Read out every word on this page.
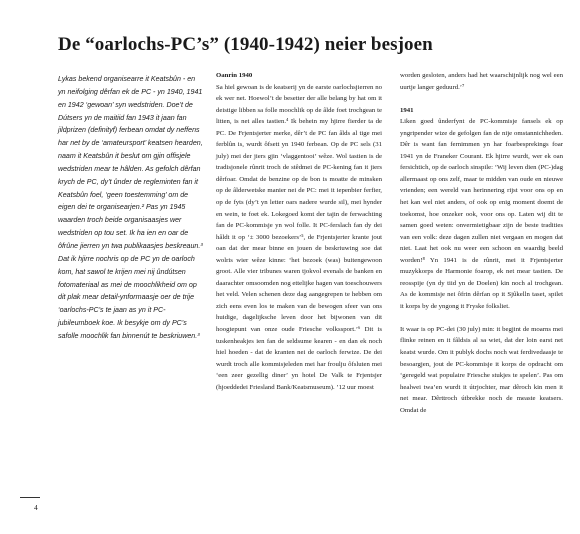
De “oarlochs-PC’s” (1940-1942) neier besjoen

Lykas bekend organisearre it Keatsbûn - en yn neifolging dêrfan ek de PC - yn 1940, 1941 en 1942 ‘gewoan’ syn wedstriden. Doe’t de Dútsers yn de maitiid fan 1943 it jaan fan jildprizen (definityf) ferbean omdat dy neffens har net by de ‘amateursport’ keatsen hearden, naam it Keatsbûn it beslut om gjin offisjele wedstriden mear te hâlden. As gefolch dêrfan krych de PC, dy’t ûnder de regleminten fan it Keatsbûn foel, ‘geen toestemming’ om de eigen dei te organisearjen.² Pas yn 1945 waarden troch beide organisaasjes wer wedstriden op tou set. Ik ha ien en oar de ôfrûne jierren yn twa publikaasjes beskreaun.³ Dat ik hjirre nochris op de PC yn de oarloch kom, hat sawol te krijen mei nij ûndútsen fotomateriaal as mei de moochlikheid om op dit plak mear detail-ynformaasje oer de trije ‘oarlochs-PC’s te jaan as yn it PC-jubileumboek koe. Ik besykje om dy PC’s safolle moochlik fan binnenút te beskriuwen.³

Oanrin 1940

Sa hiel gewoan is de keatserij yn de earste oarlochsjierren no ek wer net. Hoewol’t de besetter der alle belang by hat om it deistige libben sa folle moochlik op de âlde foet trochgean te litten, is net alles tastien.⁴ Ik behein my hjirre fierder ta de PC. De Frjentsjerter merke, dêr’t de PC fan âlds al tige mei ferblûn is, wurdt ôfsett yn 1940 ferbean. Op de PC sels (31 july) mei der jiers gjin ‘vlaggentooi’ wêze. Wol tastien is de tradisjonele rûnrit troch de stêdmei de PC-kening fan it jiers dêrfoar. Omdat de benzine op de bon is moatte de minsken op de âlderwetske manier nei de PC: mei it iepenbier ferfier, op de fyts (dy’t yn letter oars nadere wurde sil), mei hynder en wein, te foet ek. Lokegoed komt der tajin de ferwachting fan de PC-kommisje yn wol folle. It PC-ferslach fan dy dei hâldt it op ‘± 3000 bezoekers’⁵, de Frjentsjerter krante jout oan dat der mear binne en jouen de beskriuwing soe dat wolris wier wêze kinne: ‘het bezoek (was) buitengewoon groot. Alle vier tribunes waren tjokvol evenals de banken en daarachter omsoomden nog ettelijke hagen van toeschouwers het veld. Velen schenen deze dag aangegrepen te hebben om zich eens even los te maken van de bewogen sfeer van ons huidige, dagelijksche leven door het bijwonen van dit hoogtepunt van onze oude Friesche volkssport.’⁶ Dit is tuskenheakjes ien fan de seldsume kearen - en dan ek noch hiel hoeden - dat de kranten nei de oarloch ferwize. De dei wurdt troch alle kommisjeleden mei har froulju ôfsluten mei ‘een zeer gezellig diner’ yn hotel De Valk te Frjentsjer (hjoeddedei Friesland Bank/Keatsmuseum). ’12 uur moest

worden gesloten, anders had het waarschijnlijk nog wel een uurtje langer geduurd.’⁷

1941

Liken goed ûnderfynt de PC-kommisje fansels ek op yngripender wize de gefolgen fan de nije omstannichheden. Dêr is want fan fernimmen yn har foarbesprekings foar 1941 yn de Franeker Courant. Ek hjirre wurdt, wer ek oan fersichtich, op de oarloch sinspile: ‘Wij leven dien (PC-)dag allermaast op ons zelf, maar te midden van oude en nieuwe vrienden; een wereld van herinnering rijst voor ons op en het kan wel niet anders, of ook op enig moment doemt de toekomst, hoe onzeker ook, voor ons op. Laten wij dit te samen goed weten: onvermietigbaar zijn de beste tradities van een volk: deze dagen zullen niet vergaan en mogen dat niet. Laat het ook nu weer een schoon en waardig beeld worden!⁸ Yn 1941 is de rûnrit, mei it Frjentsjerter muzykkorps de Harmonie foarop, ek net mear tastien. De reosspije (yn dy tiid yn de Doelen) kin noch al trochgean. As de kommisje nei ôfrin dêrfan op it Sjûkelln taset, spilet it korps by de yngong it Fryske folksliet.

It waar is op PC-dei (30 july) min: it begjint de moarns mei flinke reinen en it fâldsis al sa wiet, dat der loin earst net keatst wurde. Om it publyk dochs noch wat ferdivedaasje te besoargjen, jout de PC-kommisje it korps de opdracht om ‘geregeld wat populaire Friesche stukjes te spelen’. Pas om healwei twa’en wurdt it útrjochter, mar dêroch kin men it net mear. Dêrttroch útbrekke noch de measte keatsers. Omdat de

4
